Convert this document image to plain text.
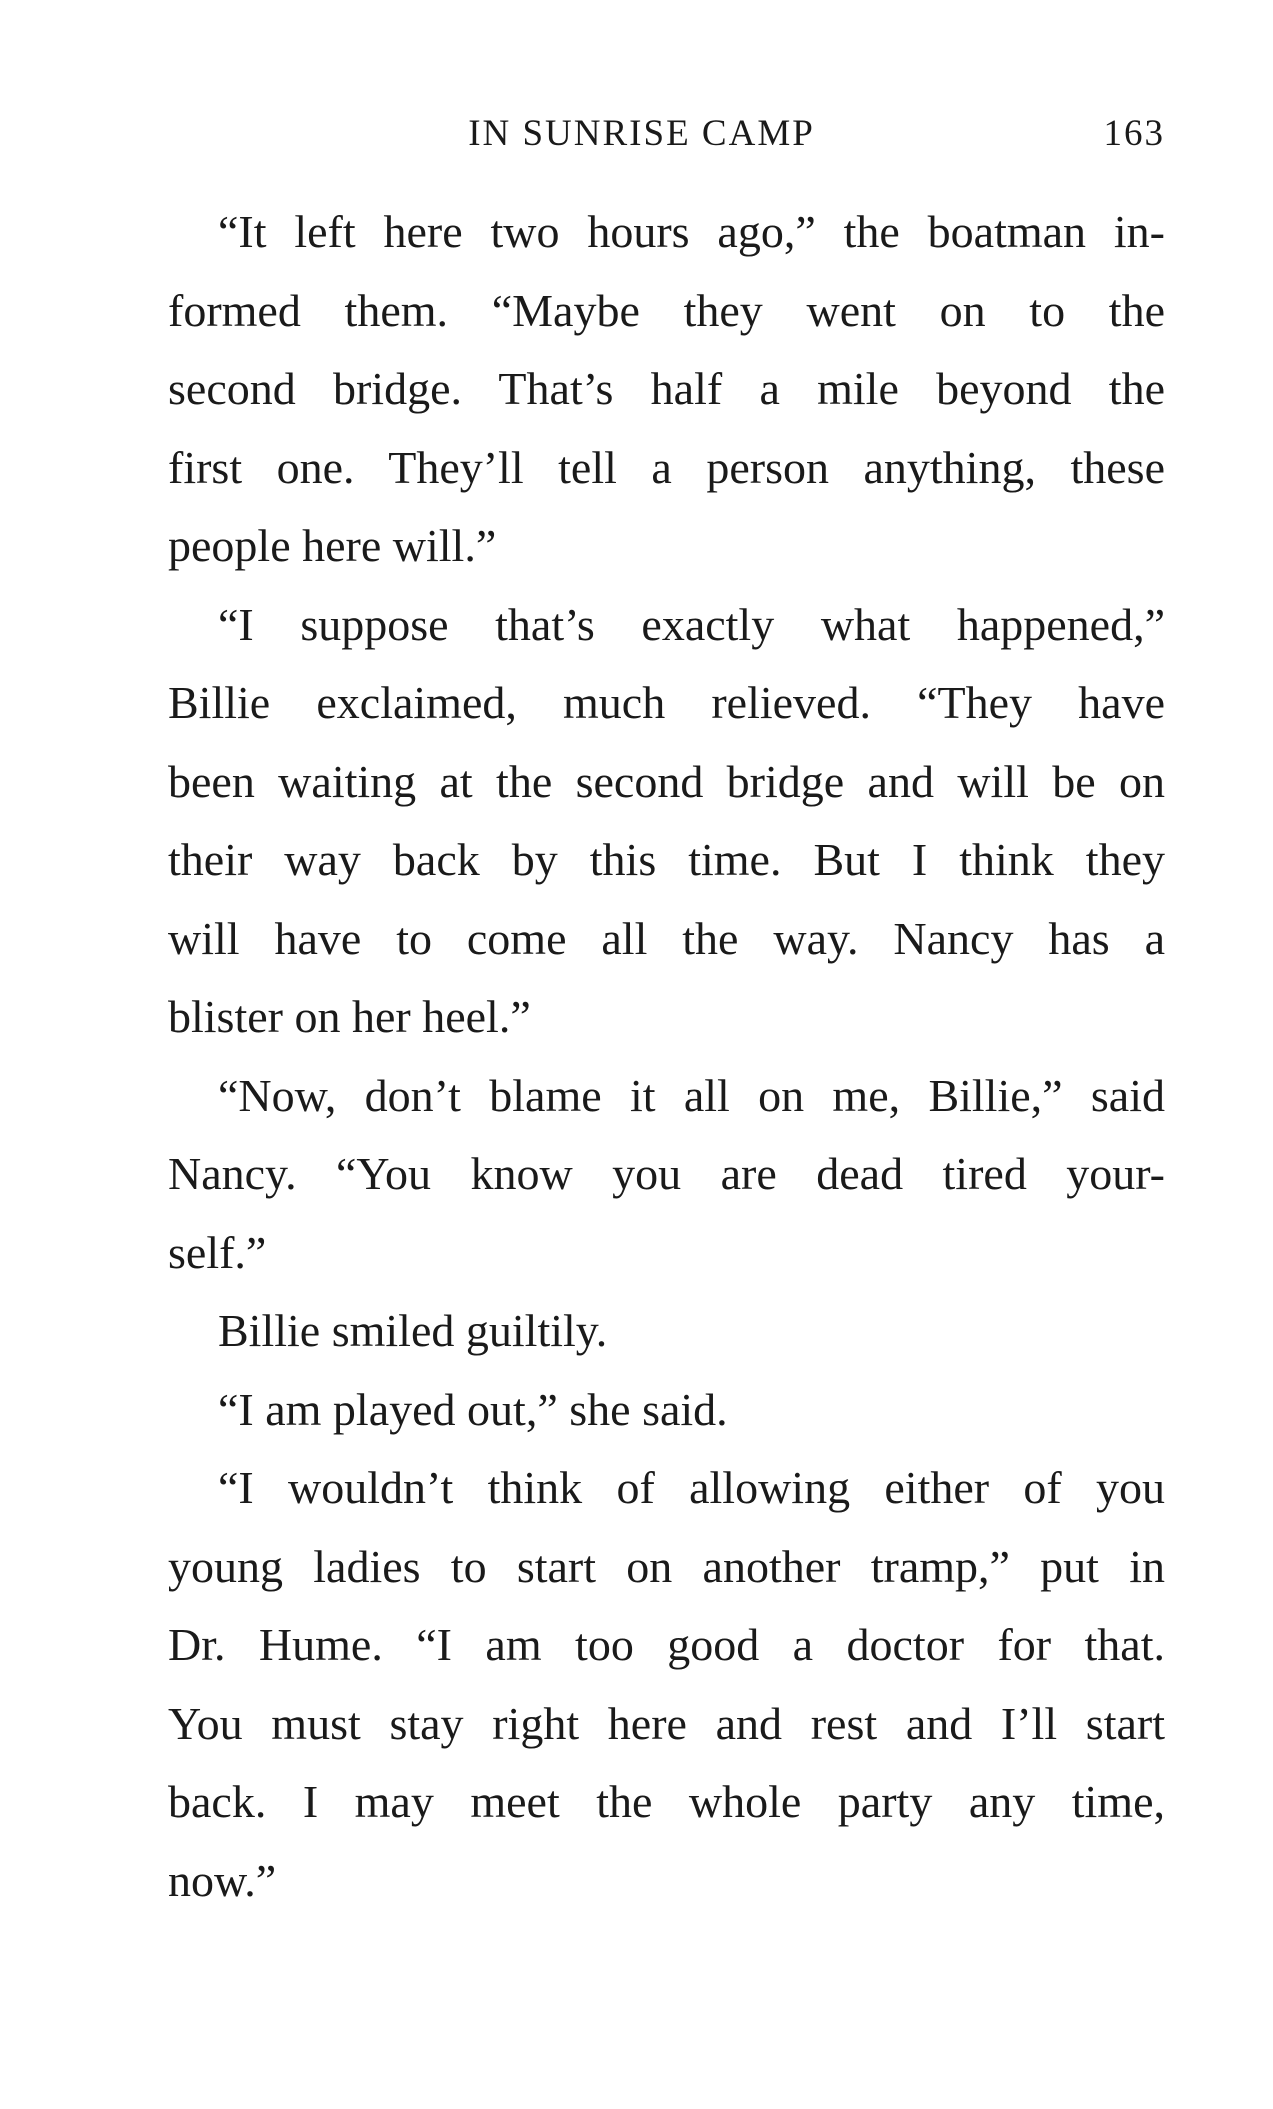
IN SUNRISE CAMP	163

“It left here two hours ago,” the boatman in-
formed them. “Maybe they went on to the
second bridge. That’s half a mile beyond the
first one. They’ll tell a person anything, these
people here will.”

“I suppose that’s exactly what happened,”
Billie exclaimed, much relieved. “They have
been waiting at the second bridge and will be on
their way back by this time. But I think they
will have to come all the way. Nancy has a
blister on her heel.”

“Now, don’t blame it all on me, Billie,” said
Nancy. “You know you are dead tired your-
self.”

Billie smiled guiltily.

“I am played out,” she said.

“I wouldn’t think of allowing either of you
young ladies to start on another tramp,” put in
Dr. Hume. “I am too good a doctor for that.
You must stay right here and rest and I’ll start
back. I may meet the whole party any time,
now.”
